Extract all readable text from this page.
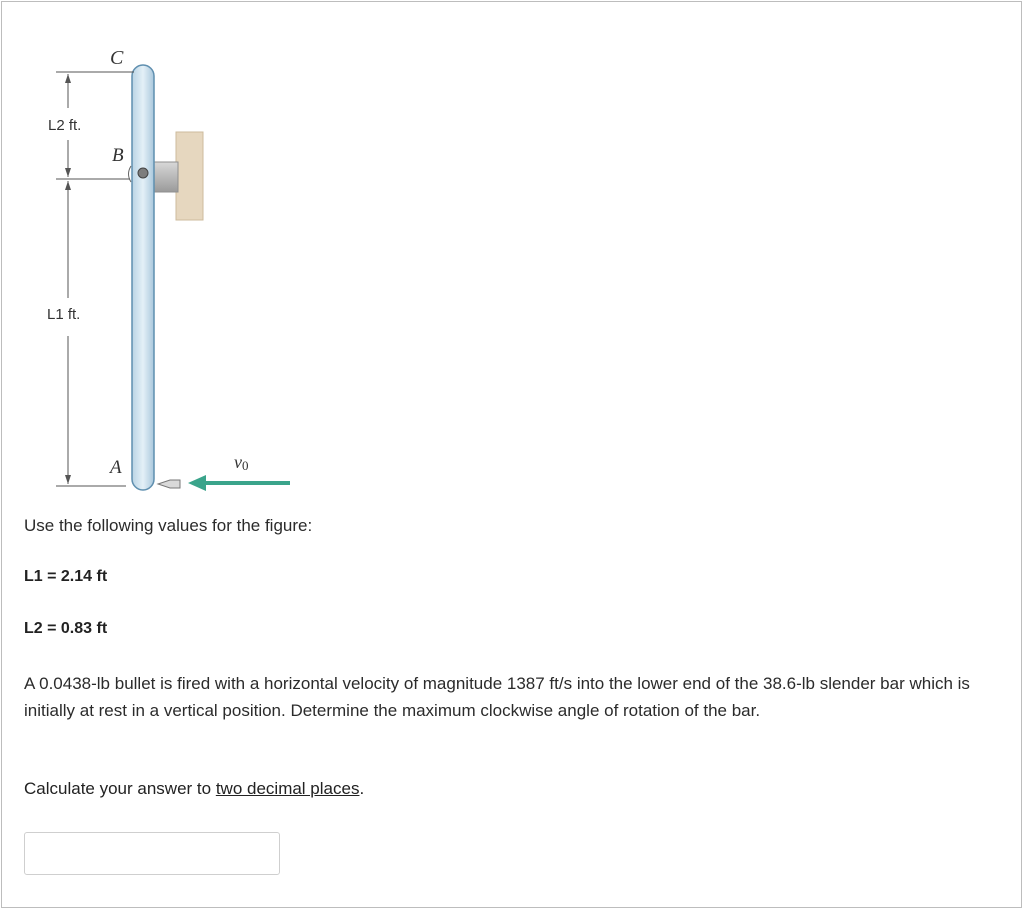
C
B
A
L2 ft.
L1 ft.
v0

Use the following values for the figure:

L1 = 2.14 ft

L2 = 0.83 ft

A 0.0438-lb bullet is fired with a horizontal velocity of magnitude 1387 ft/s into the lower end of the 38.6-lb slender bar which is initially at rest in a vertical position. Determine the maximum clockwise angle of rotation of the bar.

Calculate your answer to two decimal places.
